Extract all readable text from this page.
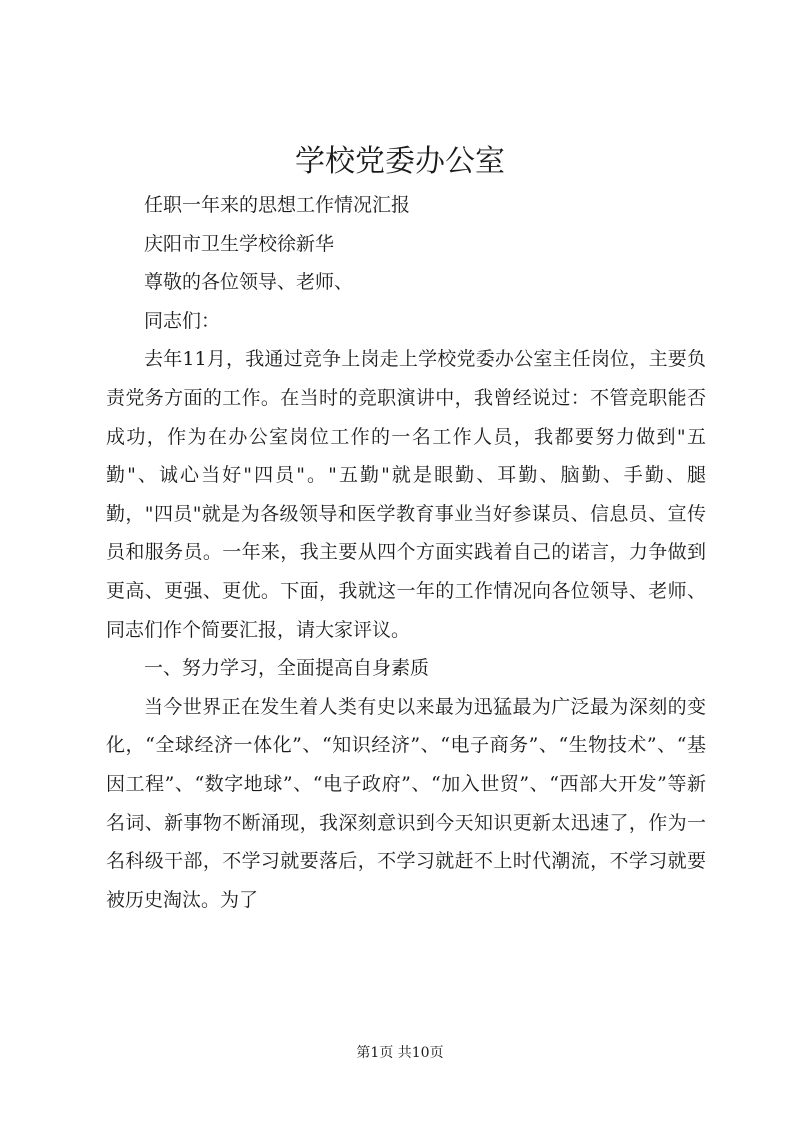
学校党委办公室

任职一年来的思想工作情况汇报

庆阳市卫生学校徐新华

尊敬的各位领导、老师、

同志们：

去年11月，我通过竞争上岗走上学校党委办公室主任岗位，主要负责党务方面的工作。在当时的竞职演讲中，我曾经说过：不管竞职能否成功，作为在办公室岗位工作的一名工作人员，我都要努力做到"五勤"、诚心当好"四员"。"五勤"就是眼勤、耳勤、脑勤、手勤、腿勤，"四员"就是为各级领导和医学教育事业当好参谋员、信息员、宣传员和服务员。一年来，我主要从四个方面实践着自己的诺言，力争做到更高、更强、更优。下面，我就这一年的工作情况向各位领导、老师、同志们作个简要汇报，请大家评议。

一、努力学习，全面提高自身素质

当今世界正在发生着人类有史以来最为迅猛最为广泛最为深刻的变化，“全球经济一体化”、“知识经济”、“电子商务”、“生物技术”、“基因工程”、“数字地球”、“电子政府”、“加入世贸”、“西部大开发”等新名词、新事物不断涌现，我深刻意识到今天知识更新太迅速了，作为一名科级干部，不学习就要落后，不学习就赶不上时代潮流，不学习就要被历史淘汰。为了

第1页 共10页
